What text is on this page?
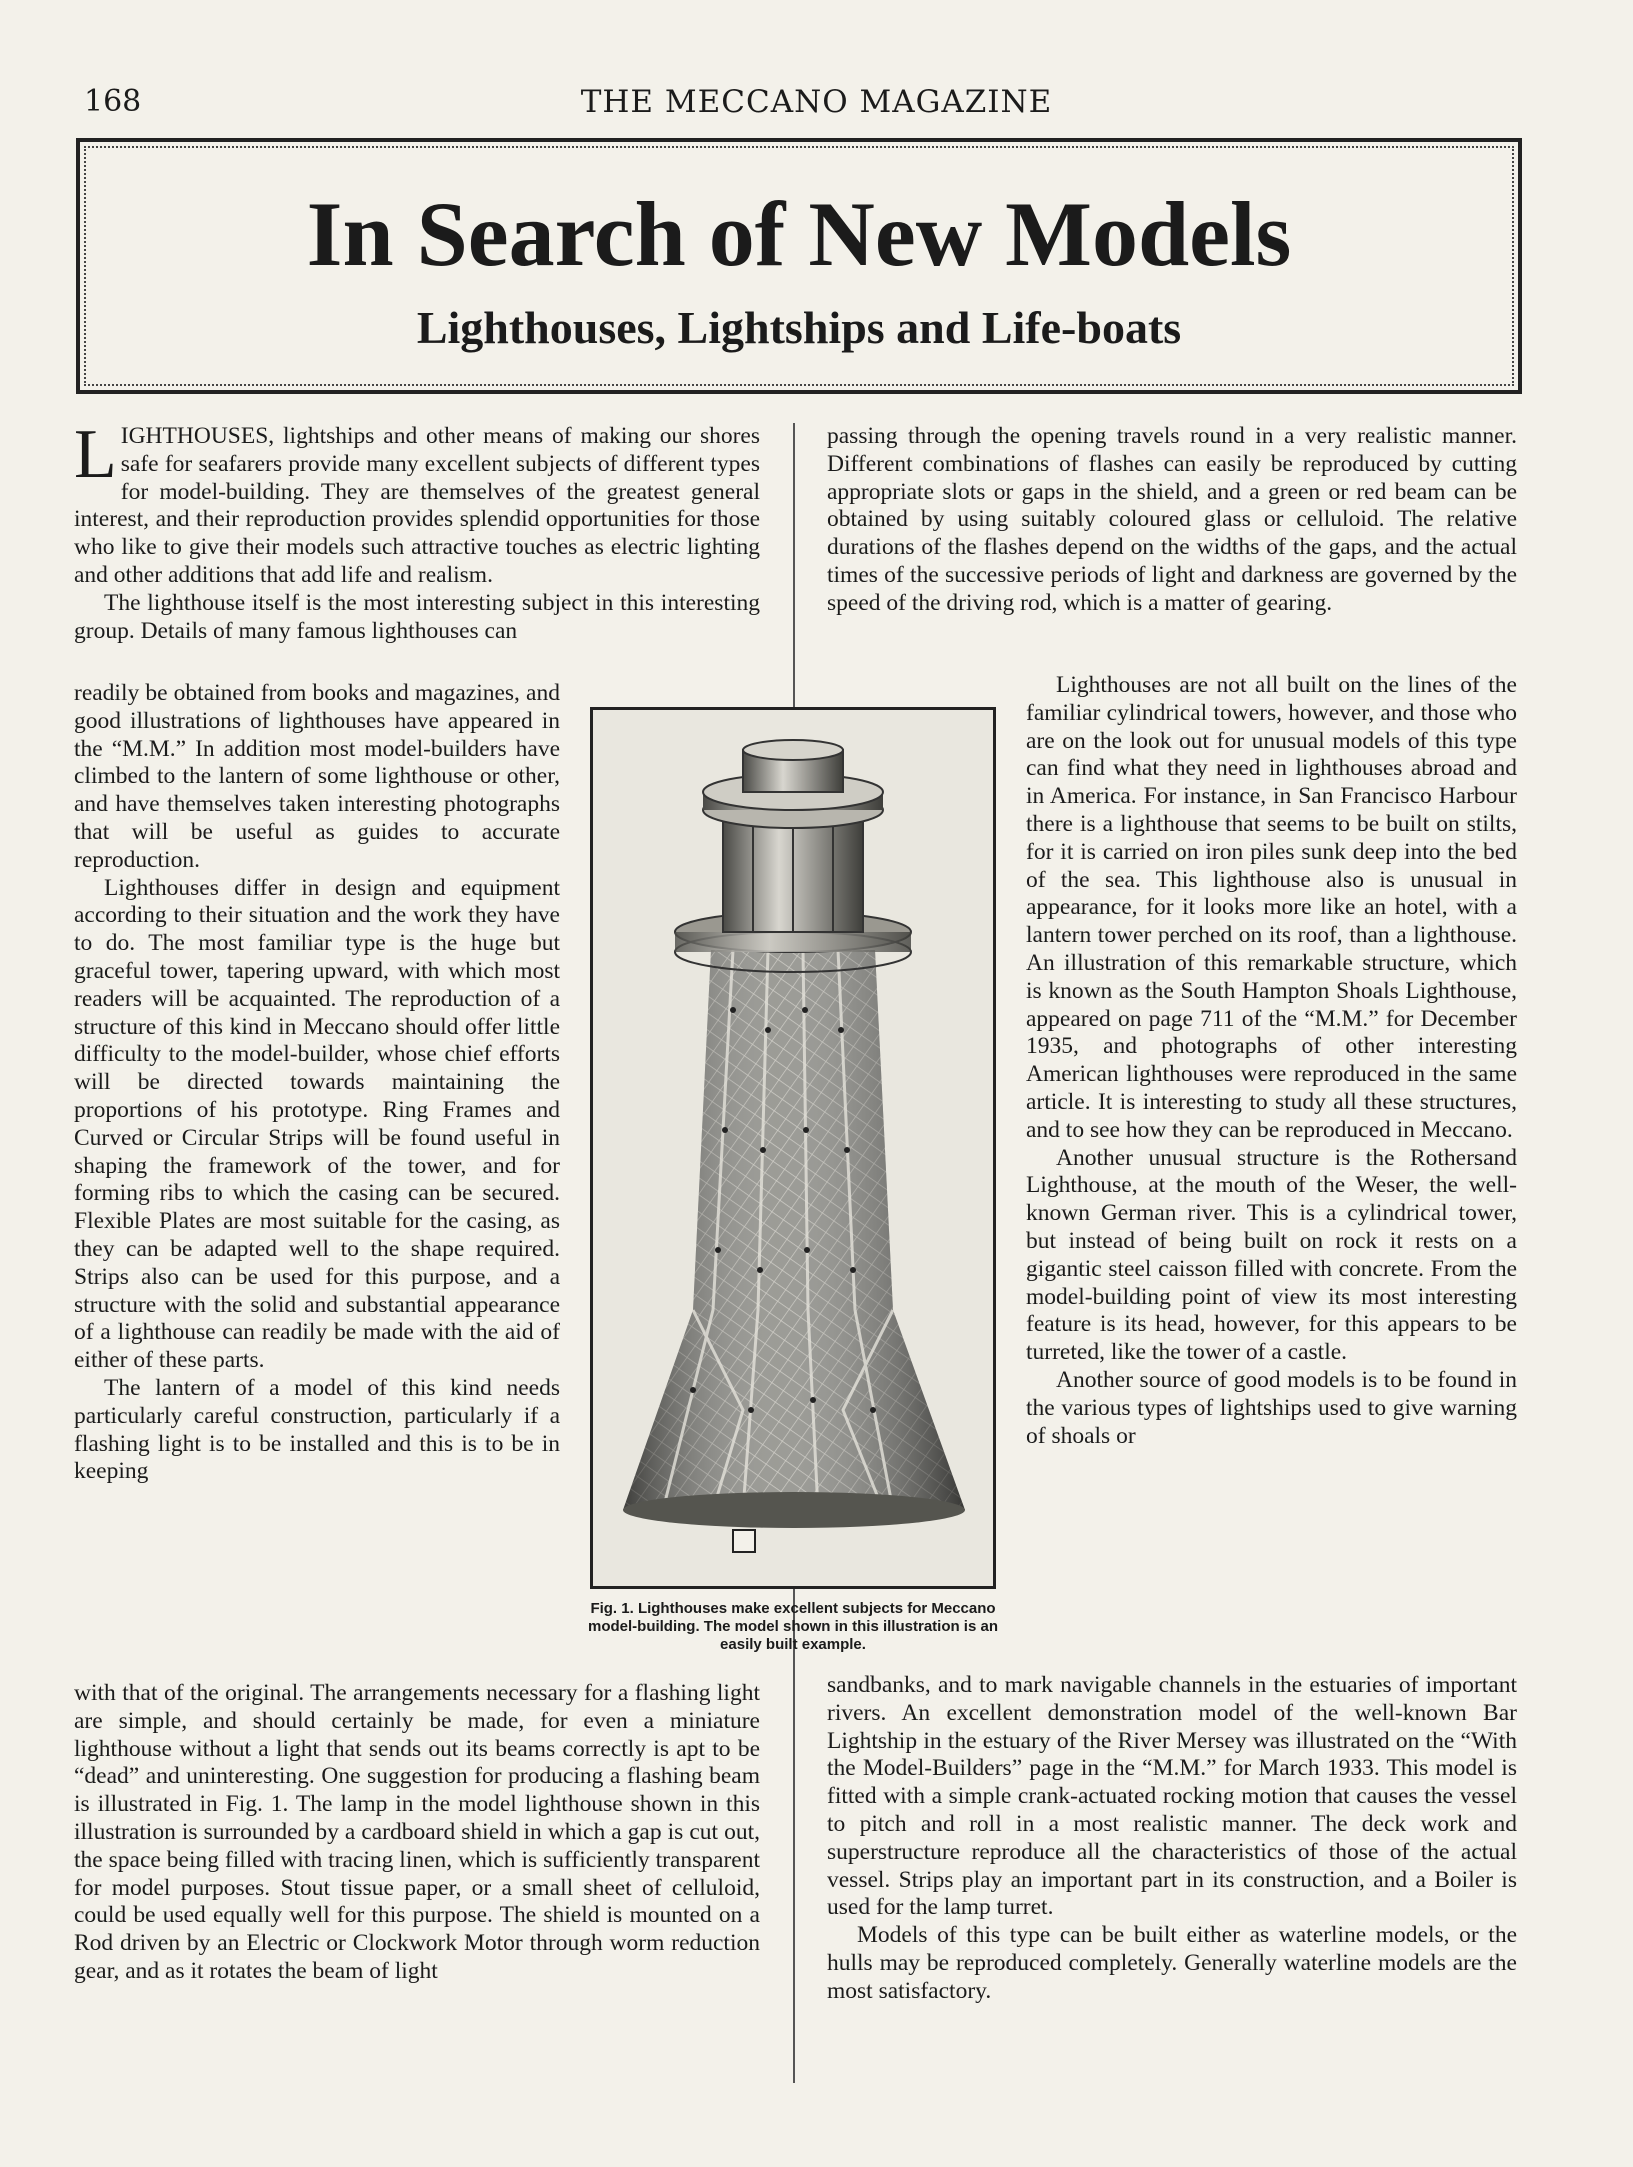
168	THE MECCANO MAGAZINE
In Search of New Models
Lighthouses, Lightships and Life-boats

LIGHTHOUSES, lightships and other means of making our shores safe for seafarers provide many excellent subjects of different types for model-building. They are themselves of the greatest general interest, and their reproduction provides splendid opportunities for those who like to give their models such attractive touches as electric lighting and other additions that add life and realism.

The lighthouse itself is the most interesting subject in this interesting group. Details of many famous lighthouses can

readily be obtained from books and magazines, and good illustrations of lighthouses have appeared in the “M.M.” In addition most model-builders have climbed to the lantern of some lighthouse or other, and have themselves taken interesting photographs that will be useful as guides to accurate reproduction.

Lighthouses differ in design and equipment according to their situation and the work they have to do. The most familiar type is the huge but graceful tower, tapering upward, with which most readers will be acquainted. The reproduction of a structure of this kind in Meccano should offer little difficulty to the model-builder, whose chief efforts will be directed towards maintaining the proportions of his prototype. Ring Frames and Curved or Circular Strips will be found useful in shaping the framework of the tower, and for forming ribs to which the casing can be secured. Flexible Plates are most suitable for the casing, as they can be adapted well to the shape required. Strips also can be used for this purpose, and a structure with the solid and substantial appearance of a lighthouse can readily be made with the aid of either of these parts.

The lantern of a model of this kind needs particularly careful construction, particularly if a flashing light is to be installed and this is to be in keeping

with that of the original. The arrangements necessary for a flashing light are simple, and should certainly be made, for even a miniature lighthouse without a light that sends out its beams correctly is apt to be “dead” and uninteresting. One suggestion for producing a flashing beam is illustrated in Fig. 1. The lamp in the model lighthouse shown in this illustration is surrounded by a cardboard shield in which a gap is cut out, the space being filled with tracing linen, which is sufficiently transparent for model purposes. Stout tissue paper, or a small sheet of celluloid, could be used equally well for this purpose. The shield is mounted on a Rod driven by an Electric or Clockwork Motor through worm reduction gear, and as it rotates the beam of light

passing through the opening travels round in a very realistic manner. Different combinations of flashes can easily be reproduced by cutting appropriate slots or gaps in the shield, and a green or red beam can be obtained by using suitably coloured glass or celluloid. The relative durations of the flashes depend on the widths of the gaps, and the actual times of the successive periods of light and darkness are governed by the speed of the driving rod, which is a matter of gearing.

Lighthouses are not all built on the lines of the familiar cylindrical towers, however, and those who are on the look out for unusual models of this type can find what they need in lighthouses abroad and in America. For instance, in San Francisco Harbour there is a lighthouse that seems to be built on stilts, for it is carried on iron piles sunk deep into the bed of the sea. This lighthouse also is unusual in appearance, for it looks more like an hotel, with a lantern tower perched on its roof, than a lighthouse. An illustration of this remarkable structure, which is known as the South Hampton Shoals Lighthouse, appeared on page 711 of the “M.M.” for December 1935, and photographs of other interesting American lighthouses were reproduced in the same article. It is interesting to study all these structures, and to see how they can be reproduced in Meccano.

Another unusual structure is the Rothersand Lighthouse, at the mouth of the Weser, the well-known German river. This is a cylindrical tower, but instead of being built on rock it rests on a gigantic steel caisson filled with concrete. From the model-building point of view its most interesting feature is its head, however, for this appears to be turreted, like the tower of a castle.

Another source of good models is to be found in the various types of lightships used to give warning of shoals or

sandbanks, and to mark navigable channels in the estuaries of important rivers. An excellent demonstration model of the well-known Bar Lightship in the estuary of the River Mersey was illustrated on the “With the Model-Builders” page in the “M.M.” for March 1933. This model is fitted with a simple crank-actuated rocking motion that causes the vessel to pitch and roll in a most realistic manner. The deck work and superstructure reproduce all the characteristics of those of the actual vessel. Strips play an important part in its construction, and a Boiler is used for the lamp turret.

Models of this type can be built either as waterline models, or the hulls may be reproduced completely. Generally waterline models are the most satisfactory.

Fig. 1. Lighthouses make excellent subjects for Meccano model-building. The model shown in this illustration is an easily built example.
